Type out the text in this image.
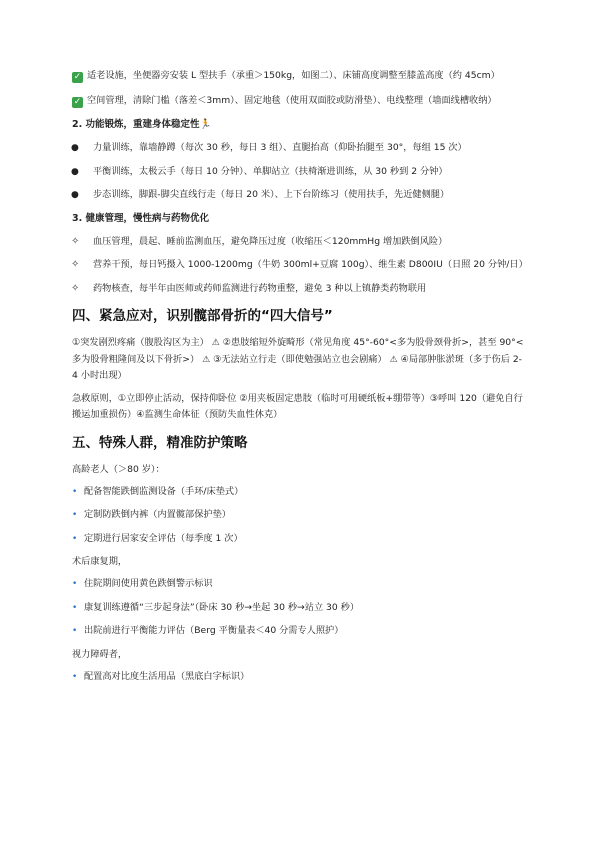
✓ 适老设施，坐便器旁安装 L 型扶手（承重＞150kg，如图二）、床铺高度调整至膝盖高度（约 45cm）

✓ 空间管理，清除门槛（落差＜3mm）、固定地毯（使用双面胶或防滑垫）、电线整理（墙面线槽收纳）

2. 功能锻炼，重建身体稳定性🏃
●	力量训练，靠墙静蹲（每次 30 秒，每日 3 组）、直腿抬高（仰卧抬腿至 30°，每组 15 次）
●	平衡训练，太极云手（每日 10 分钟）、单脚站立（扶椅渐进训练，从 30 秒到 2 分钟）
●	步态训练，脚跟-脚尖直线行走（每日 20 米）、上下台阶练习（使用扶手，先近健侧腿）
3. 健康管理，慢性病与药物优化
✧	血压管理，晨起、睡前监测血压，避免降压过度（收缩压＜120mmHg 增加跌倒风险）
✧	营养干预，每日钙摄入 1000-1200mg（牛奶 300ml+豆腐 100g）、维生素 D800IU（日照 20 分钟/日）
✧	药物核查，每半年由医师或药师监测进行药物重整，避免 3 种以上镇静类药物联用
四、紧急应对，识别髋部骨折的“四大信号”

①突发剧烈疼痛（腹股沟区为主） ⚠ ②患肢缩短外旋畸形（常见角度 45°-60°<多为股骨颈骨折>，甚至 90°<多为股骨粗隆间及以下骨折>） ⚠ ③无法站立行走（即使勉强站立也会剧痛） ⚠ ④局部肿胀淤斑（多于伤后 2-4 小时出现）

急救原则，①立即停止活动，保持仰卧位 ②用夹板固定患肢（临时可用硬纸板+绷带等）③呼叫 120（避免自行搬运加重损伤）④监测生命体征（预防失血性休克）

五、特殊人群，精准防护策略
高龄老人（＞80 岁）：
• 配备智能跌倒监测设备（手环/床垫式）
• 定制防跌倒内裤（内置髋部保护垫）
• 定期进行居家安全评估（每季度 1 次）
术后康复期，
• 住院期间使用黄色跌倒警示标识
• 康复训练遵循“三步起身法”（卧床 30 秒→坐起 30 秒→站立 30 秒）
• 出院前进行平衡能力评估（Berg 平衡量表＜40 分需专人照护）
视力障碍者，
• 配置高对比度生活用品（黑底白字标识）
